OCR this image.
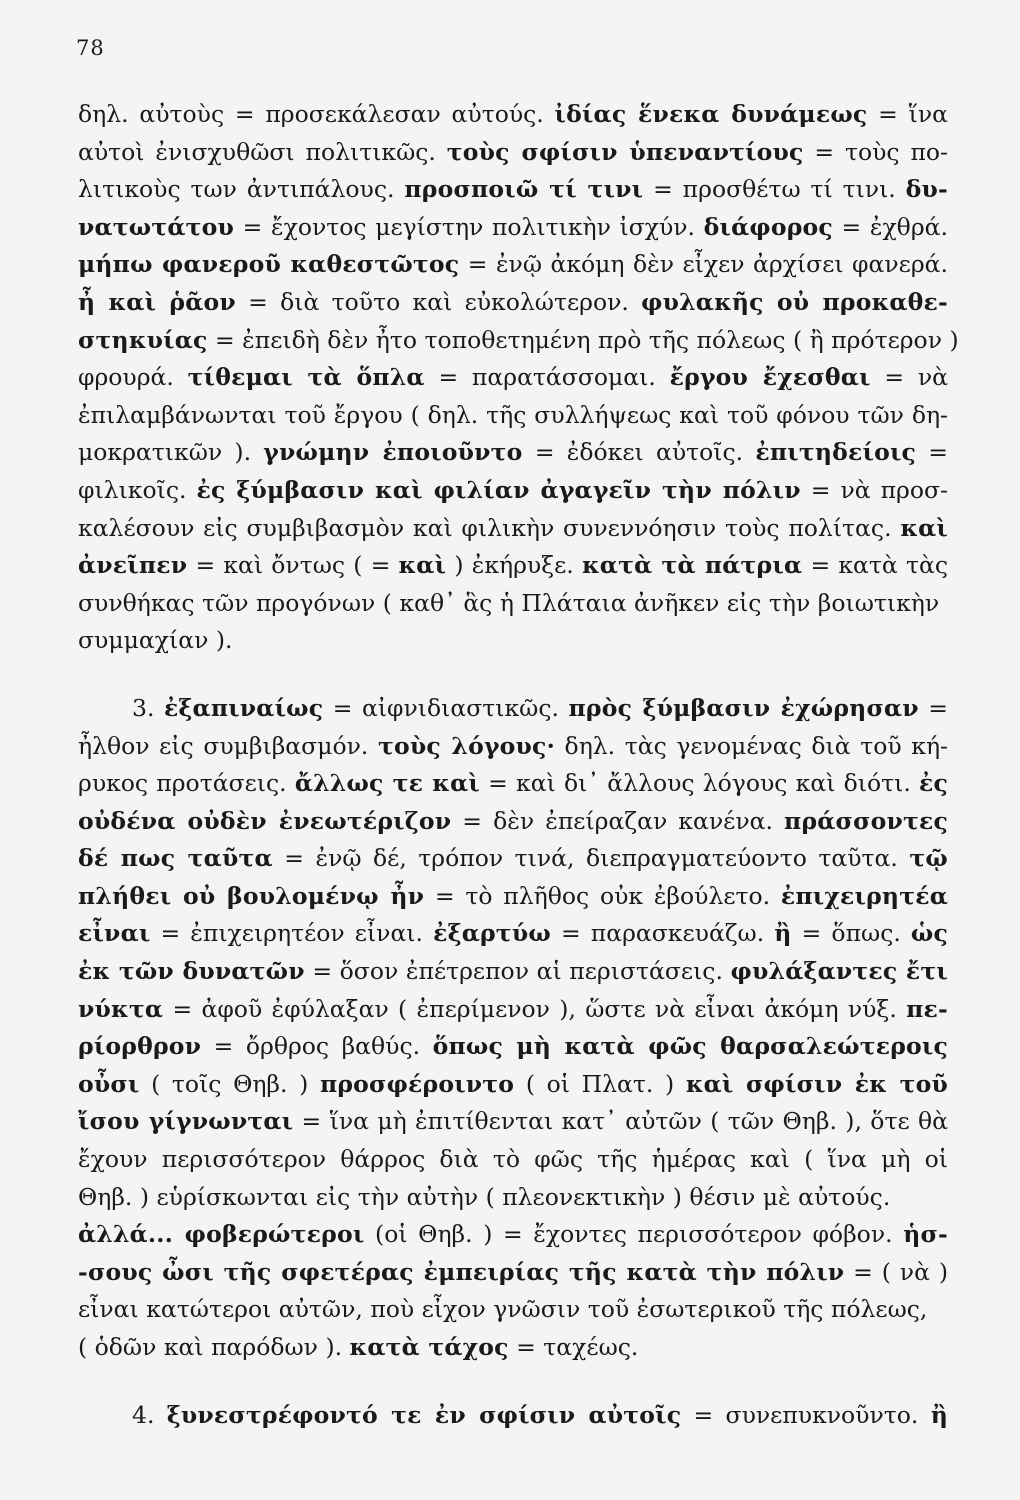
78
δηλ. αὐτοὺς = προσεκάλεσαν αὐτούς. ἰδίας ἕνεκα δυνάμεως = ἵνα
αὐτοὶ ἐνισχυθῶσι πολιτικῶς. τοὺς σφίσιν ὑπεναντίους = τοὺς πο-
λιτικοὺς των ἀντιπάλους. προσποιῶ τί τινι = προσθέτω τί τινι. δυ-
νατωτάτου = ἔχοντος μεγίστην πολιτικὴν ἰσχύν. διάφορος = ἐχθρά.
μήπω φανεροῦ καθεστῶτος = ἐνῷ ἀκόμη δὲν εἶχεν ἀρχίσει φανερά.
ἦ καὶ ῥᾶον = διὰ τοῦτο καὶ εὐκολώτερον. φυλακῆς οὐ προκαθε-
στηκυίας = ἐπειδὴ δὲν ἦτο τοποθετημένη πρὸ τῆς πόλεως ( ἢ πρότερον )
φρουρά. τίθεμαι τὰ ὅπλα = παρατάσσομαι. ἔργου ἔχεσθαι = νὰ
ἐπιλαμβάνωνται τοῦ ἔργου ( δηλ. τῆς συλλήψεως καὶ τοῦ φόνου τῶν δη-
μοκρατικῶν ). γνώμην ἐποιοῦντο = ἐδόκει αὐτοῖς. ἐπιτηδείοις =
φιλικοῖς. ἐς ξύμβασιν καὶ φιλίαν ἀγαγεῖν τὴν πόλιν = νὰ προσ-
καλέσουν εἰς συμβιβασμὸν καὶ φιλικὴν συνεννόησιν τοὺς πολίτας. καὶ
ἀνεῖπεν = καὶ ὄντως ( = καὶ ) ἐκήρυξε. κατὰ τὰ πάτρια = κατὰ τὰς
συνθήκας τῶν προγόνων ( καθ᾽ ἃς ἡ Πλάταια ἀνῆκεν εἰς τὴν βοιωτικὴν
συμμαχίαν ).
3. ἐξαπιναίως = αἰφνιδιαστικῶς. πρὸς ξύμβασιν ἐχώρησαν =
ἦλθον εἰς συμβιβασμόν. τοὺς λόγους· δηλ. τὰς γενομένας διὰ τοῦ κή-
ρυκος προτάσεις. ἄλλως τε καὶ = καὶ δι᾽ ἄλλους λόγους καὶ διότι. ἐς
οὐδένα οὐδὲν ἐνεωτέριζον = δὲν ἐπείραζαν κανένα. πράσσοντες
δέ πως ταῦτα = ἐνῷ δέ, τρόπον τινά, διεπραγματεύοντο ταῦτα. τῷ
πλήθει οὐ βουλομένῳ ἦν = τὸ πλῆθος οὐκ ἐβούλετο. ἐπιχειρητέα
εἶναι = ἐπιχειρητέον εἶναι. ἐξαρτύω = παρασκευάζω. ἢ = ὅπως. ὡς
ἐκ τῶν δυνατῶν = ὅσον ἐπέτρεπον αἱ περιστάσεις. φυλάξαντες ἔτι
νύκτα = ἀφοῦ ἐφύλαξαν ( ἐπερίμενον ), ὥστε νὰ εἶναι ἀκόμη νύξ. πε-
ρίορθρον = ὄρθρος βαθύς. ὅπως μὴ κατὰ φῶς θαρσαλεώτεροις
οὖσι ( τοῖς Θηβ. ) προσφέροιντο ( οἱ Πλατ. ) καὶ σφίσιν ἐκ τοῦ
ἴσου γίγνωνται = ἵνα μὴ ἐπιτίθενται κατ᾽ αὐτῶν ( τῶν Θηβ. ), ὅτε θὰ
ἔχουν περισσότερον θάρρος διὰ τὸ φῶς τῆς ἡμέρας καὶ ( ἵνα μὴ οἱ
Θηβ. ) εὑρίσκωνται εἰς τὴν αὐτὴν ( πλεονεκτικὴν ) θέσιν μὲ αὐτούς.
ἀλλά... φοβερώτεροι (οἱ Θηβ. ) = ἔχοντες περισσότερον φόβον. ἡσ-
-σους ὦσι τῆς σφετέρας ἐμπειρίας τῆς κατὰ τὴν πόλιν = ( νὰ )
εἶναι κατώτεροι αὐτῶν, ποὺ εἶχον γνῶσιν τοῦ ἐσωτερικοῦ τῆς πόλεως,
( ὁδῶν καὶ παρόδων ). κατὰ τάχος = ταχέως.
4. ξυνεστρέφοντό τε ἐν σφίσιν αὐτοῖς = συνεπυκνοῦντο. ἢ
